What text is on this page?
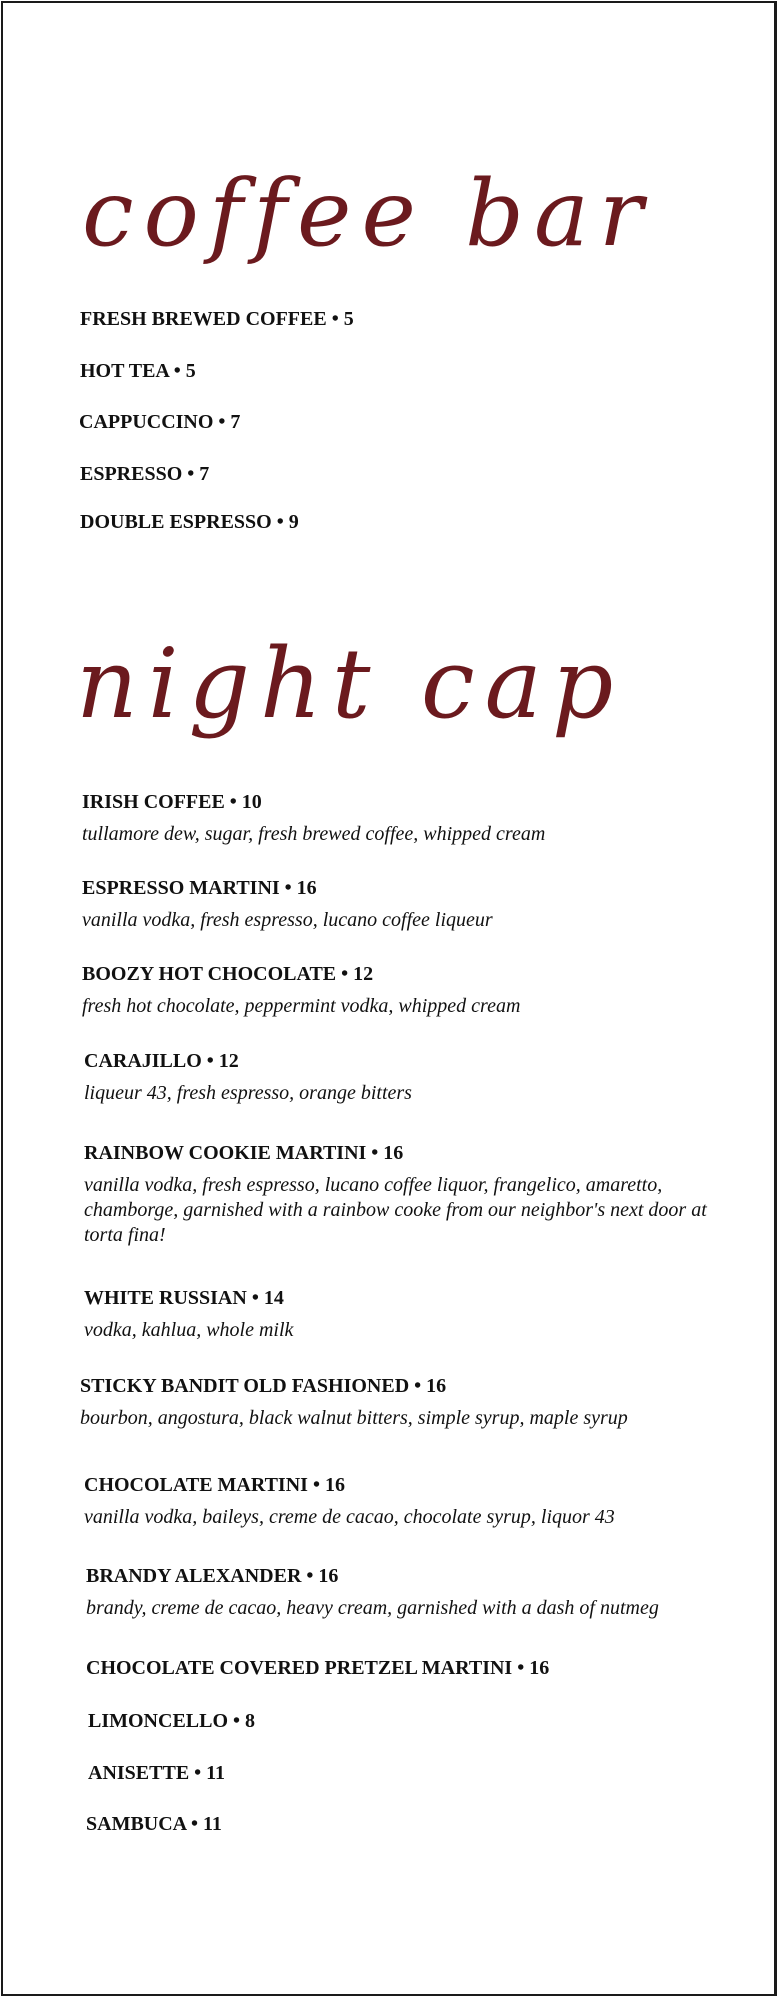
coffee bar
FRESH BREWED COFFEE • 5
HOT TEA • 5
CAPPUCCINO • 7
ESPRESSO • 7
DOUBLE ESPRESSO • 9
night cap
IRISH COFFEE • 10
tullamore dew, sugar, fresh brewed coffee, whipped cream
ESPRESSO MARTINI • 16
vanilla vodka, fresh espresso, lucano coffee liqueur
BOOZY HOT CHOCOLATE • 12
fresh hot chocolate, peppermint vodka, whipped cream
CARAJILLO • 12
liqueur 43, fresh espresso, orange bitters
RAINBOW COOKIE MARTINI • 16
vanilla vodka, fresh espresso, lucano coffee liquor, frangelico, amaretto, chamborge, garnished with a rainbow cooke from our neighbor's next door at torta fina!
WHITE RUSSIAN • 14
vodka, kahlua, whole milk
STICKY BANDIT OLD FASHIONED • 16
bourbon, angostura, black walnut bitters, simple syrup, maple syrup
CHOCOLATE MARTINI • 16
vanilla vodka, baileys, creme de cacao, chocolate syrup, liquor 43
BRANDY ALEXANDER • 16
brandy, creme de cacao, heavy cream, garnished with a dash of nutmeg
CHOCOLATE COVERED PRETZEL MARTINI • 16
LIMONCELLO • 8
ANISETTE • 11
SAMBUCA • 11
